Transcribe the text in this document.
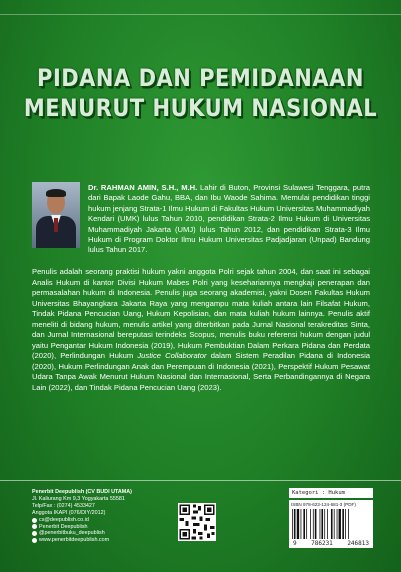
PIDANA DAN PEMIDANAAN
MENURUT HUKUM NASIONAL
Dr. RAHMAN AMIN, S.H., M.H. Lahir di Buton, Provinsi Sulawesi Tenggara, putra dari Bapak Laode Gahu, BBA, dan Ibu Waode Sahima. Memulai pendidikan tinggi hukum jenjang Strata-1 Ilmu Hukum di Fakultas Hukum Universitas Muhammadiyah Kendari (UMK) lulus Tahun 2010, pendidikan Strata-2 Ilmu Hukum di Universitas Muhammadiyah Jakarta (UMJ) lulus Tahun 2012, dan pendidikan Strata-3 Ilmu Hukum di Program Doktor Ilmu Hukum Universitas Padjadjaran (Unpad) Bandung lulus Tahun 2017.
Penulis adalah seorang praktisi hukum yakni anggota Polri sejak tahun 2004, dan saat ini sebagai Analis Hukum di kantor Divisi Hukum Mabes Polri yang kesehariannya mengkaji penerapan dan permasalahan hukum di Indonesia. Penulis juga seorang akademisi, yakni Dosen Fakultas Hukum Universitas Bhayangkara Jakarta Raya yang mengampu mata kuliah antara lain Filsafat Hukum, Tindak Pidana Pencucian Uang, Hukum Kepolisian, dan mata kuliah hukum lainnya. Penulis aktif meneliti di bidang hukum, menulis artikel yang diterbitkan pada Jurnal Nasional terakreditas Sinta, dan Jurnal Internasional bereputasi terindeks Scopus, menulis buku referensi hukum dengan judul yaitu Pengantar Hukum Indonesia (2019), Hukum Pembuktian Dalam Perkara Pidana dan Perdata (2020), Perlindungan Hukum Justice Collaborator dalam Sistem Peradilan Pidana di Indonesia (2020), Hukum Perlindungan Anak dan Perempuan di Indonesia (2021), Perspektif Hukum Pesawat Udara Tanpa Awak Menurut Hukum Nasional dan Internasional, Serta Perbandingannya di Negara Lain (2022), dan Tindak Pidana Pencucian Uang (2023).
Penerbit Deepublish (CV BUDI UTAMA)
Jl. Kaliurang Km 9,3 Yogyakarta 55581
Telp/Fax : (0274) 4533427
Anggota IKAPI (076/DIY/2012)
cs@deepublish.co.id
Penerbit Deepublish
@penerbitbuku_deepublish
www.penerbitdeepublish.com
Kategori : Hukum
ISBN 978-623-124-681-3 (PDF)
9 786231 246813
